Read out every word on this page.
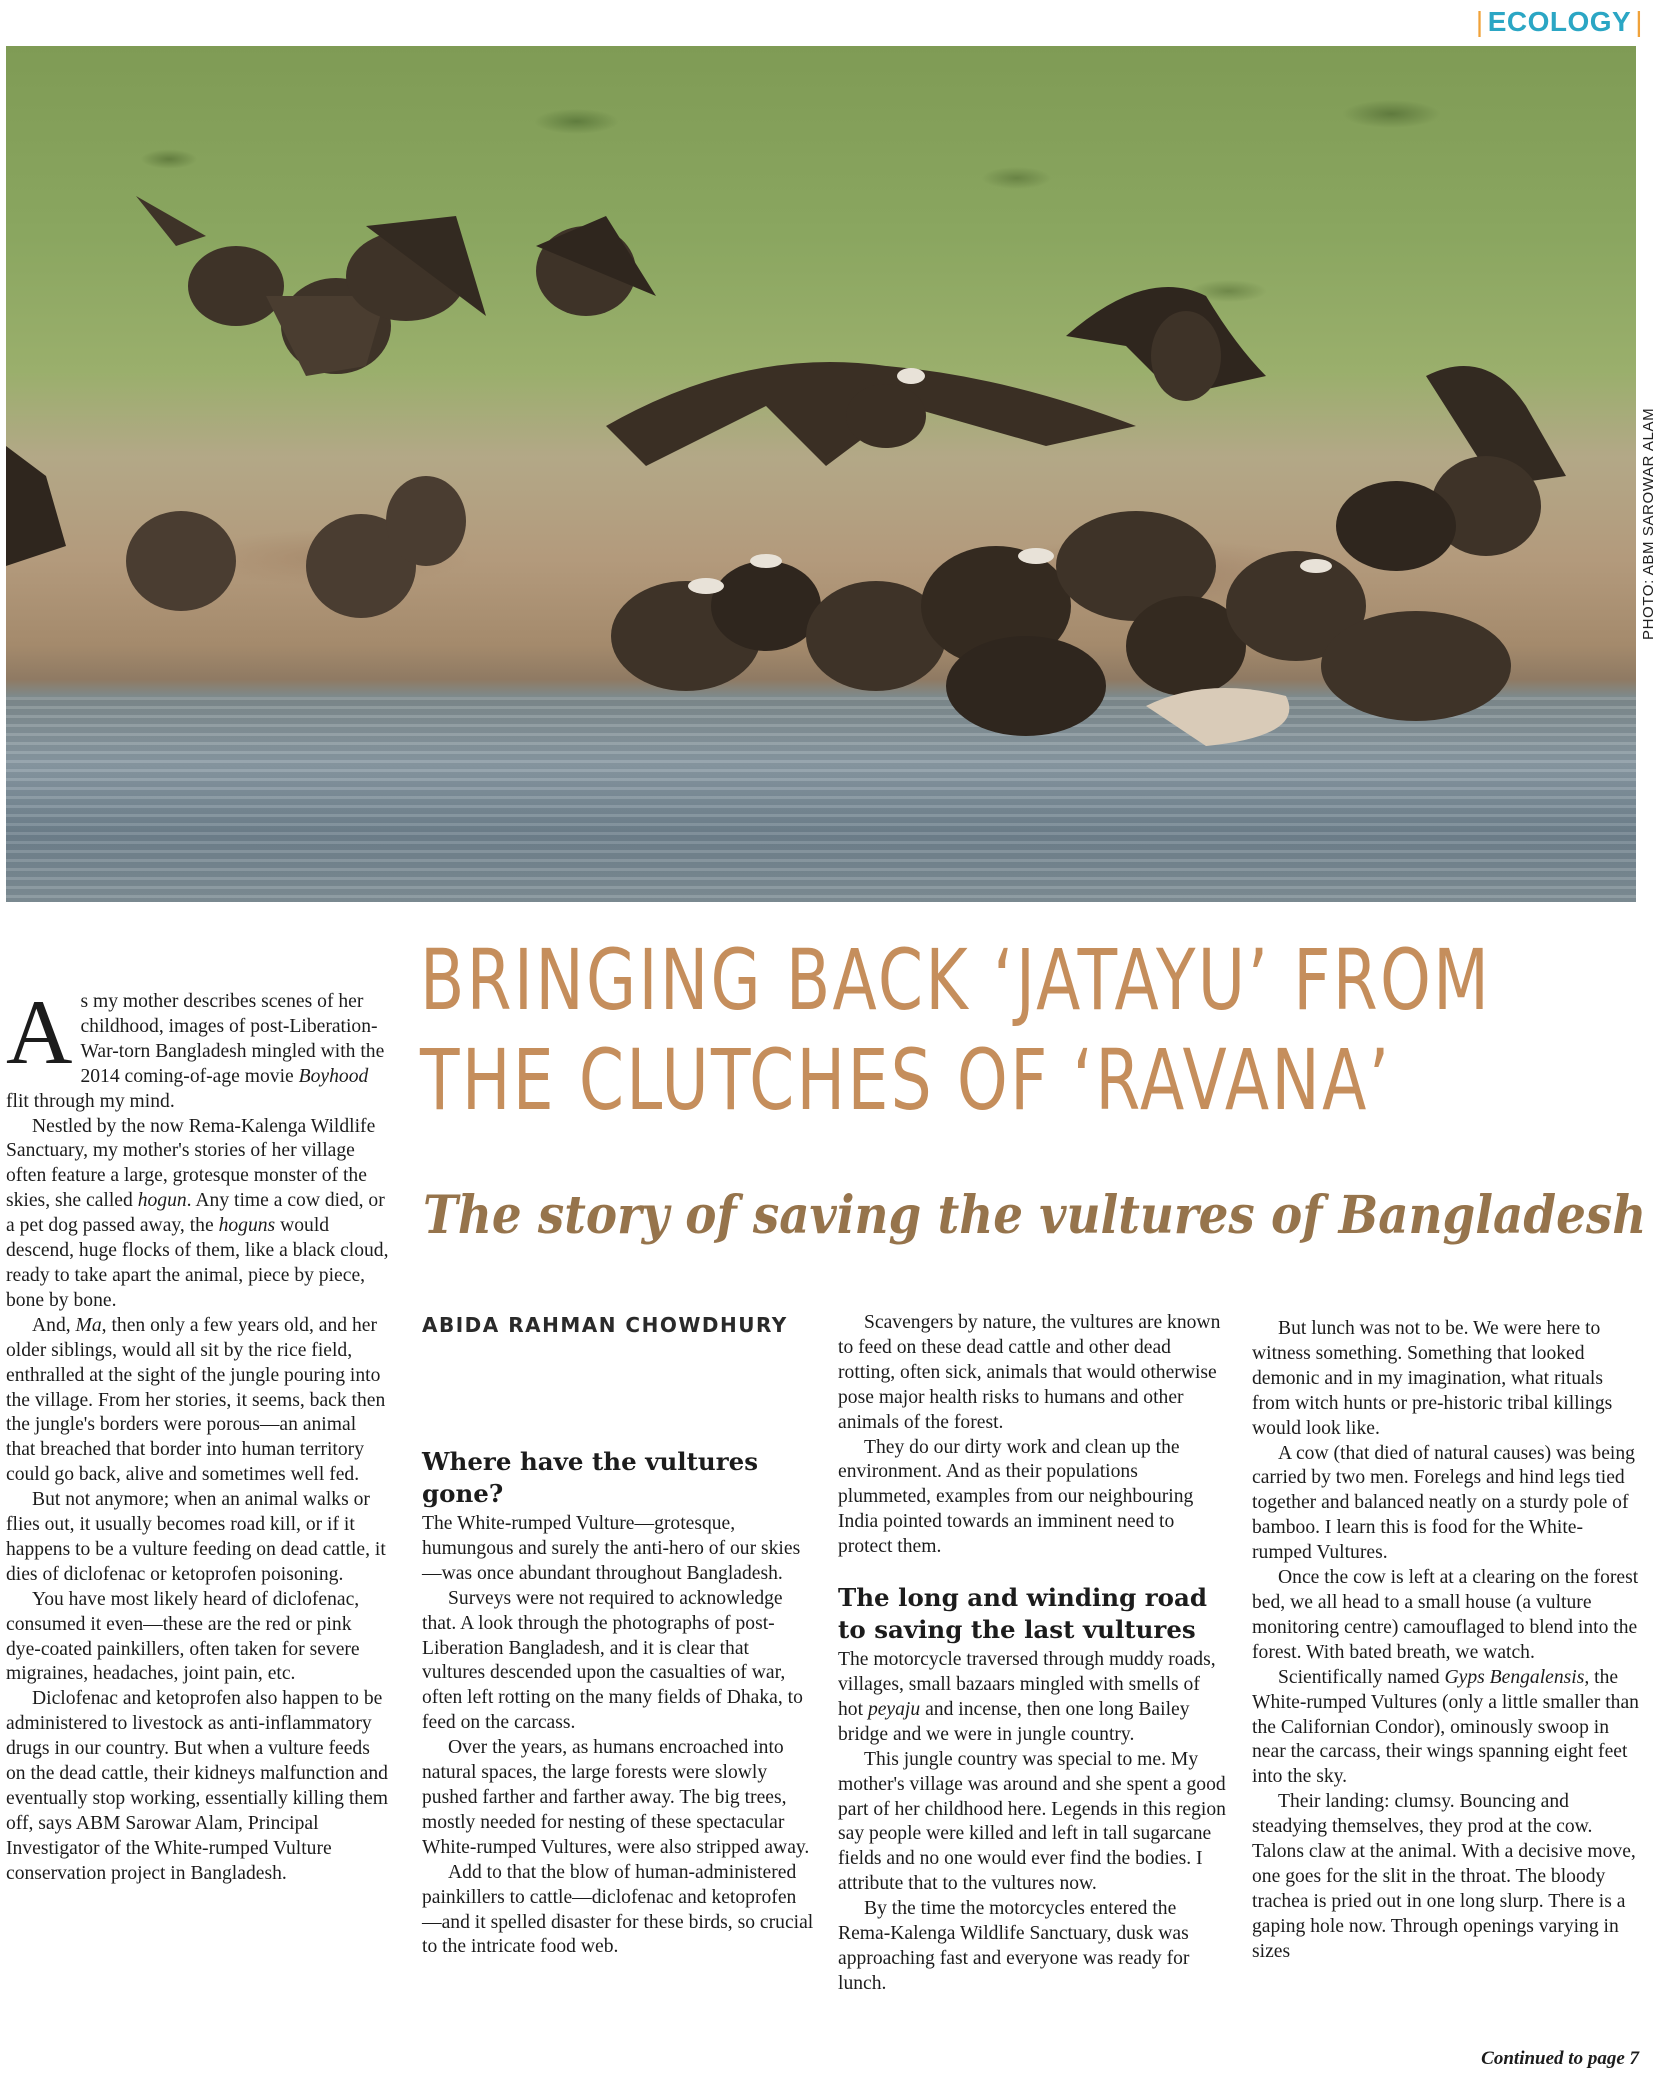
| ECOLOGY |
PHOTO: ABM SAROWAR ALAM
BRINGING BACK ‘JATAYU’ FROM
THE CLUTCHES OF ‘RAVANA’
The story of saving the vultures of Bangladesh
ABIDA RAHMAN CHOWDHURY

As my mother describes scenes of her childhood, images of post-Liberation-War-torn Bangladesh mingled with the 2014 coming-of-age movie Boyhood flit through my mind.

Nestled by the now Rema-Kalenga Wildlife Sanctuary, my mother's stories of her village often feature a large, grotesque monster of the skies, she called hogun. Any time a cow died, or a pet dog passed away, the hoguns would descend, huge flocks of them, like a black cloud, ready to take apart the animal, piece by piece, bone by bone.

And, Ma, then only a few years old, and her older siblings, would all sit by the rice field, enthralled at the sight of the jungle pouring into the village. From her stories, it seems, back then the jungle's borders were porous—an animal that breached that border into human territory could go back, alive and sometimes well fed.

But not anymore; when an animal walks or flies out, it usually becomes road kill, or if it happens to be a vulture feeding on dead cattle, it dies of diclofenac or ketoprofen poisoning.

You have most likely heard of diclofenac, consumed it even—these are the red or pink dye-coated painkillers, often taken for severe migraines, headaches, joint pain, etc.

Diclofenac and ketoprofen also happen to be administered to livestock as anti-inflammatory drugs in our country. But when a vulture feeds on the dead cattle, their kidneys malfunction and eventually stop working, essentially killing them off, says ABM Sarowar Alam, Principal Investigator of the White-rumped Vulture conservation project in Bangladesh.

Where have the vultures gone?

The White-rumped Vulture—grotesque, humungous and surely the anti-hero of our skies—was once abundant throughout Bangladesh.

Surveys were not required to acknowledge that. A look through the photographs of post-Liberation Bangladesh, and it is clear that vultures descended upon the casualties of war, often left rotting on the many fields of Dhaka, to feed on the carcass.

Over the years, as humans encroached into natural spaces, the large forests were slowly pushed farther and farther away. The big trees, mostly needed for nesting of these spectacular White-rumped Vultures, were also stripped away.

Add to that the blow of human-administered painkillers to cattle—diclofenac and ketoprofen—and it spelled disaster for these birds, so crucial to the intricate food web.

Scavengers by nature, the vultures are known to feed on these dead cattle and other dead rotting, often sick, animals that would otherwise pose major health risks to humans and other animals of the forest.

They do our dirty work and clean up the environment. And as their populations plummeted, examples from our neighbouring India pointed towards an imminent need to protect them.

The long and winding road to saving the last vultures

The motorcycle traversed through muddy roads, villages, small bazaars mingled with smells of hot peyaju and incense, then one long Bailey bridge and we were in jungle country.

This jungle country was special to me. My mother's village was around and she spent a good part of her childhood here. Legends in this region say people were killed and left in tall sugarcane fields and no one would ever find the bodies. I attribute that to the vultures now.

By the time the motorcycles entered the Rema-Kalenga Wildlife Sanctuary, dusk was approaching fast and everyone was ready for lunch.

But lunch was not to be. We were here to witness something. Something that looked demonic and in my imagination, what rituals from witch hunts or pre-historic tribal killings would look like.

A cow (that died of natural causes) was being carried by two men. Forelegs and hind legs tied together and balanced neatly on a sturdy pole of bamboo. I learn this is food for the White-rumped Vultures.

Once the cow is left at a clearing on the forest bed, we all head to a small house (a vulture monitoring centre) camouflaged to blend into the forest. With bated breath, we watch.

Scientifically named Gyps Bengalensis, the White-rumped Vultures (only a little smaller than the Californian Condor), ominously swoop in near the carcass, their wings spanning eight feet into the sky.

Their landing: clumsy. Bouncing and steadying themselves, they prod at the cow. Talons claw at the animal. With a decisive move, one goes for the slit in the throat. The bloody trachea is pried out in one long slurp. There is a gaping hole now. Through openings varying in sizes

Continued to page 7
